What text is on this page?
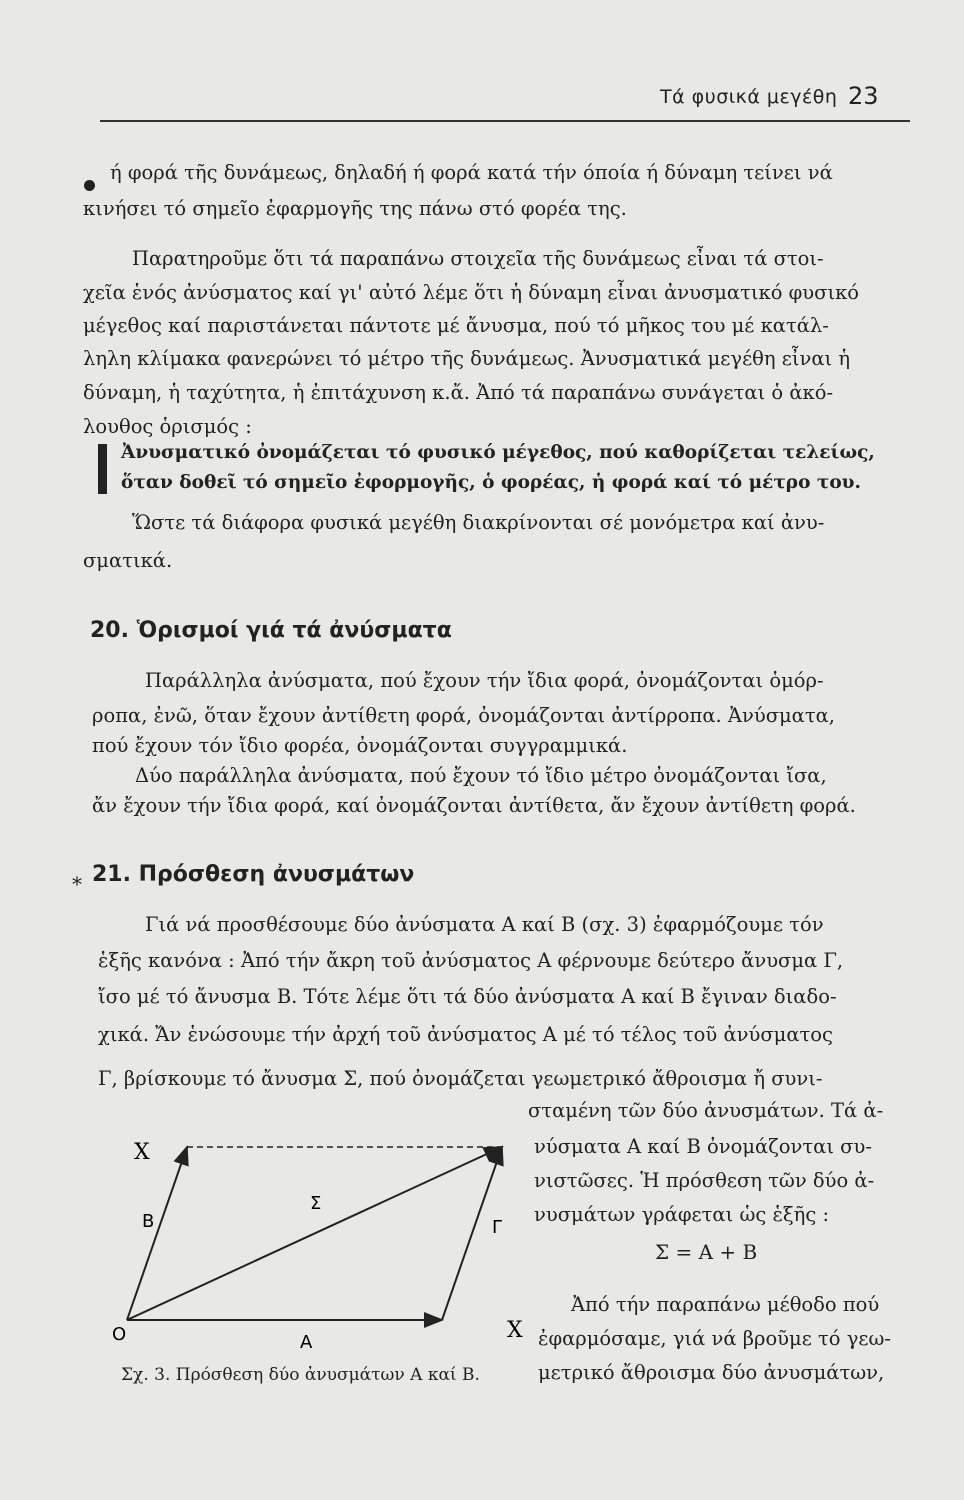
Τά φυσικά μεγέθη 23
ή φορά τῆς δυνάμεως, δηλαδή ή φορά κατά τήν όποία ή δύναμη τείνει νά
κινήσει τό σημεῖο ἐφαρμογῆς της πάνω στό φορέα της.
Παρατηροῦμε ὅτι τά παραπάνω στοιχεῖα τῆς δυνάμεως εἶναι τά στοι-
χεῖα ἑνός ἀνύσματος καί γι' αὐτό λέμε ὅτι ἡ δύναμη εἶναι ἀνυσματικό φυσικό
μέγεθος καί παριστάνεται πάντοτε μέ ἄνυσμα, πού τό μῆκος του μέ κατάλ-
ληλη κλίμακα φανερώνει τό μέτρο τῆς δυνάμεως. Ἀνυσματικά μεγέθη εἶναι ἡ
δύναμη, ἡ ταχύτητα, ἡ ἐπιτάχυνση κ.ἄ. Ἀπό τά παραπάνω συνάγεται ὁ ἀκό-
λουθος ὁρισμός :
Ἀνυσματικό ὀνομάζεται τό φυσικό μέγεθος, πού καθορίζεται τελείως,
ὅταν δοθεῖ τό σημεῖο ἐφορμογῆς, ὁ φορέας, ἡ φορά καί τό μέτρο του.
Ὥστε τά διάφορα φυσικά μεγέθη διακρίνονται σέ μονόμετρα καί ἀνυ-
σματικά.
20. Ὁρισμοί γιά τά ἀνύσματα
Παράλληλα ἀνύσματα, πού ἔχουν τήν ἴδια φορά, ὀνομάζονται ὁμόρ-
ροπα, ἐνῶ, ὅταν ἔχουν ἀντίθετη φορά, ὀνομάζονται ἀντίρροπα. Ἀνύσματα,
πού ἔχουν τόν ἴδιο φορέα, ὀνομάζονται συγγραμμικά.
Δύο παράλληλα ἀνύσματα, πού ἔχουν τό ἴδιο μέτρο ὀνομάζονται ἴσα,
ἄν ἔχουν τήν ἴδια φορά, καί ὀνομάζονται ἀντίθετα, ἄν ἔχουν ἀντίθετη φορά.
* 21. Πρόσθεση ἀνυσμάτων
Γιά νά προσθέσουμε δύο ἀνύσματα A καί B (σχ. 3) ἐφαρμόζουμε τόν
ἑξῆς κανόνα : Ἀπό τήν ἄκρη τοῦ ἀνύσματος A φέρνουμε δεύτερο ἄνυσμα Γ,
ἴσο μέ τό ἄνυσμα B. Τότε λέμε ὅτι τά δύο ἀνύσματα A καί B ἔγιναν διαδο-
χικά. Ἄν ἑνώσουμε τήν ἀρχή τοῦ ἀνύσματος A μέ τό τέλος τοῦ ἀνύσματος
Γ, βρίσκουμε τό ἄνυσμα Σ, πού ὀνομάζεται γεωμετρικό ἄθροισμα ἤ συνι-
σταμένη τῶν δύο ἀνυσμάτων. Τά ἀ-
νύσματα A καί B ὀνομάζονται συ-
νιστῶσες. Ἡ πρόσθεση τῶν δύο ἀ-
νυσμάτων γράφεται ὡς ἑξῆς :
Σ = A + B
Ἀπό τήν παραπάνω μέθοδο πού
ἐφαρμόσαμε, γιά νά βροῦμε τό γεω-
μετρικό ἄθροισμα δύο ἀνυσμάτων,
X
X
O	A
B	Γ
Σ
Σχ. 3. Πρόσθεση δύο ἀνυσμάτων A καί B.
